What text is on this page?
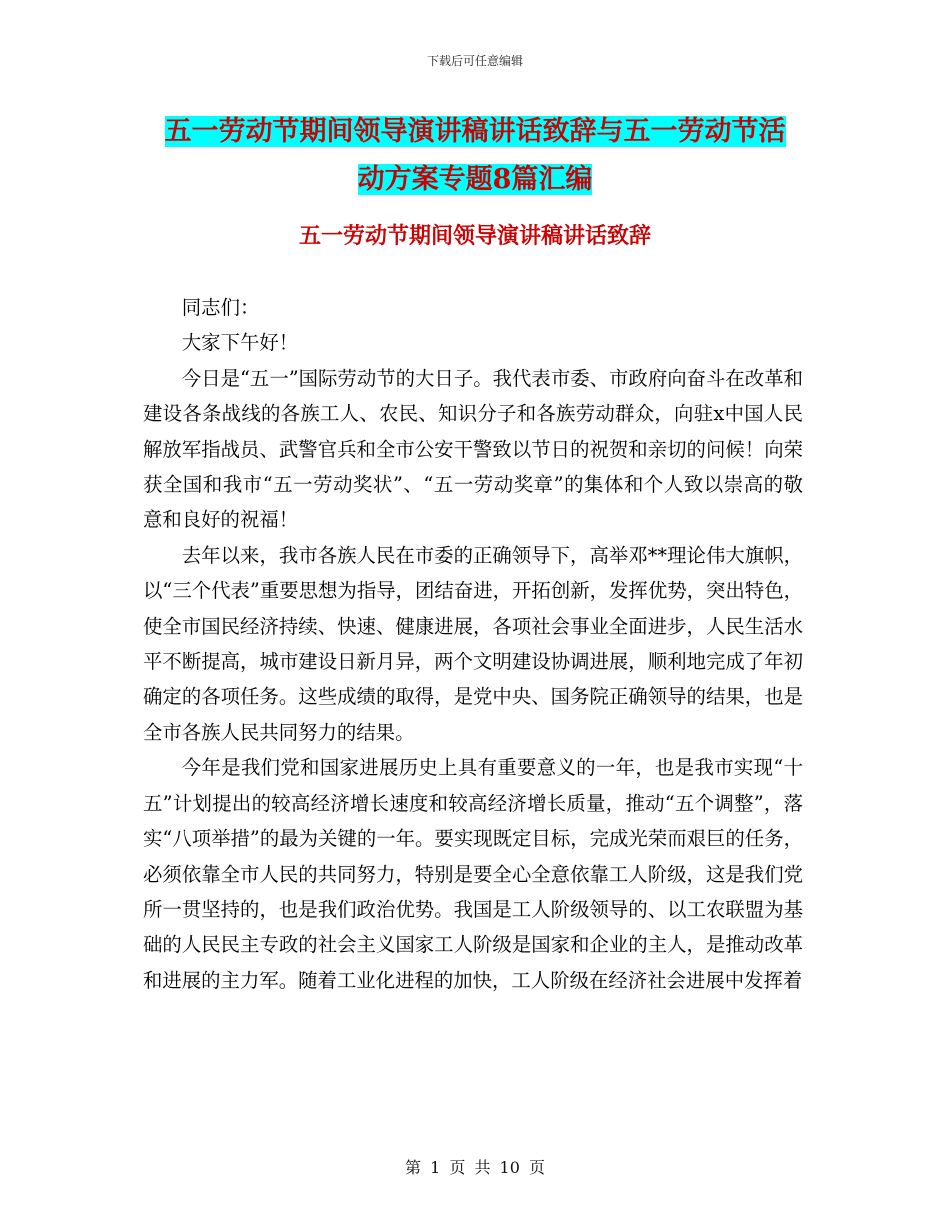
下载后可任意编辑
五一劳动节期间领导演讲稿讲话致辞与五一劳动节活
动方案专题8篇汇编
五一劳动节期间领导演讲稿讲话致辞

同志们：

大家下午好！

今日是“五一”国际劳动节的大日子。我代表市委、市政府向奋斗在改革和建设各条战线的各族工人、农民、知识分子和各族劳动群众，向驻x中国人民解放军指战员、武警官兵和全市公安干警致以节日的祝贺和亲切的问候！向荣获全国和我市“五一劳动奖状”、“五一劳动奖章”的集体和个人致以崇高的敬意和良好的祝福！

去年以来，我市各族人民在市委的正确领导下，高举邓**理论伟大旗帜，以“三个代表”重要思想为指导，团结奋进，开拓创新，发挥优势，突出特色，使全市国民经济持续、快速、健康进展，各项社会事业全面进步，人民生活水平不断提高，城市建设日新月异，两个文明建设协调进展，顺利地完成了年初确定的各项任务。这些成绩的取得，是党中央、国务院正确领导的结果，也是全市各族人民共同努力的结果。

今年是我们党和国家进展历史上具有重要意义的一年，也是我市实现“十五”计划提出的较高经济增长速度和较高经济增长质量，推动“五个调整”，落实“八项举措”的最为关键的一年。要实现既定目标，完成光荣而艰巨的任务，必须依靠全市人民的共同努力，特别是要全心全意依靠工人阶级，这是我们党所一贯坚持的，也是我们政治优势。我国是工人阶级领导的、以工农联盟为基础的人民民主专政的社会主义国家工人阶级是国家和企业的主人，是推动改革和进展的主力军。随着工业化进程的加快，工人阶级在经济社会进展中发挥着

第 1 页 共 10 页
